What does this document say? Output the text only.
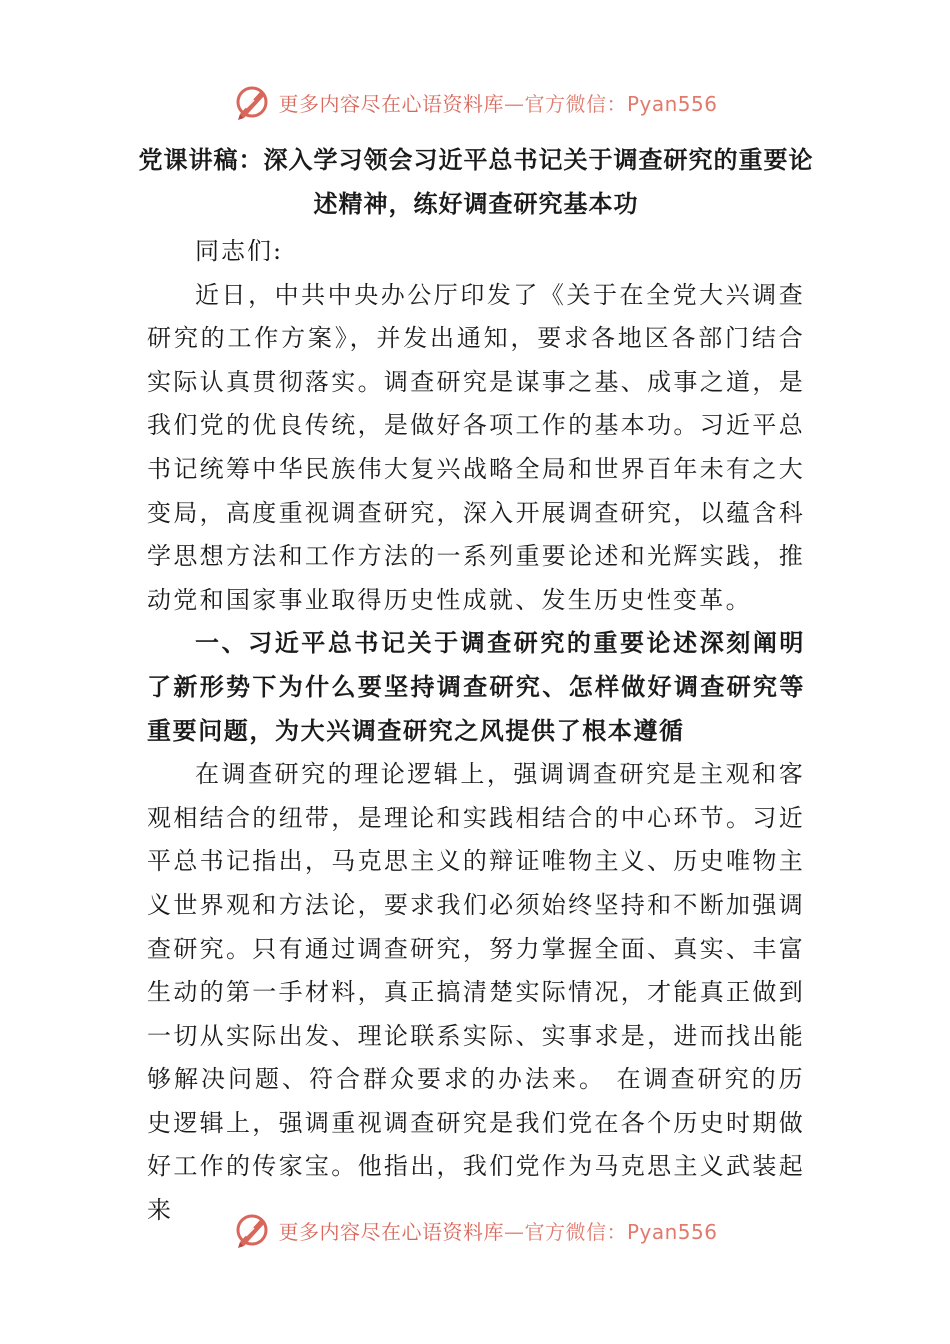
更多内容尽在心语资料库—官方微信：Pyan556
党课讲稿：深入学习领会习近平总书记关于调查研究的重要论述精神，练好调查研究基本功

同志们:

近日，中共中央办公厅印发了《关于在全党大兴调查研究的工作方案》，并发出通知，要求各地区各部门结合实际认真贯彻落实。调查研究是谋事之基、成事之道，是我们党的优良传统，是做好各项工作的基本功。习近平总书记统筹中华民族伟大复兴战略全局和世界百年未有之大变局，高度重视调查研究，深入开展调查研究，以蕴含科学思想方法和工作方法的一系列重要论述和光辉实践，推动党和国家事业取得历史性成就、发生历史性变革。

一、习近平总书记关于调查研究的重要论述深刻阐明了新形势下为什么要坚持调查研究、怎样做好调查研究等重要问题，为大兴调查研究之风提供了根本遵循

在调查研究的理论逻辑上，强调调查研究是主观和客观相结合的纽带，是理论和实践相结合的中心环节。习近平总书记指出，马克思主义的辩证唯物主义、历史唯物主义世界观和方法论，要求我们必须始终坚持和不断加强调查研究。只有通过调查研究，努力掌握全面、真实、丰富生动的第一手材料，真正搞清楚实际情况，才能真正做到一切从实际出发、理论联系实际、实事求是，进而找出能够解决问题、符合群众要求的办法来。 在调查研究的历史逻辑上，强调重视调查研究是我们党在各个历史时期做好工作的传家宝。他指出，我们党作为马克思主义武装起来

更多内容尽在心语资料库—官方微信：Pyan556
